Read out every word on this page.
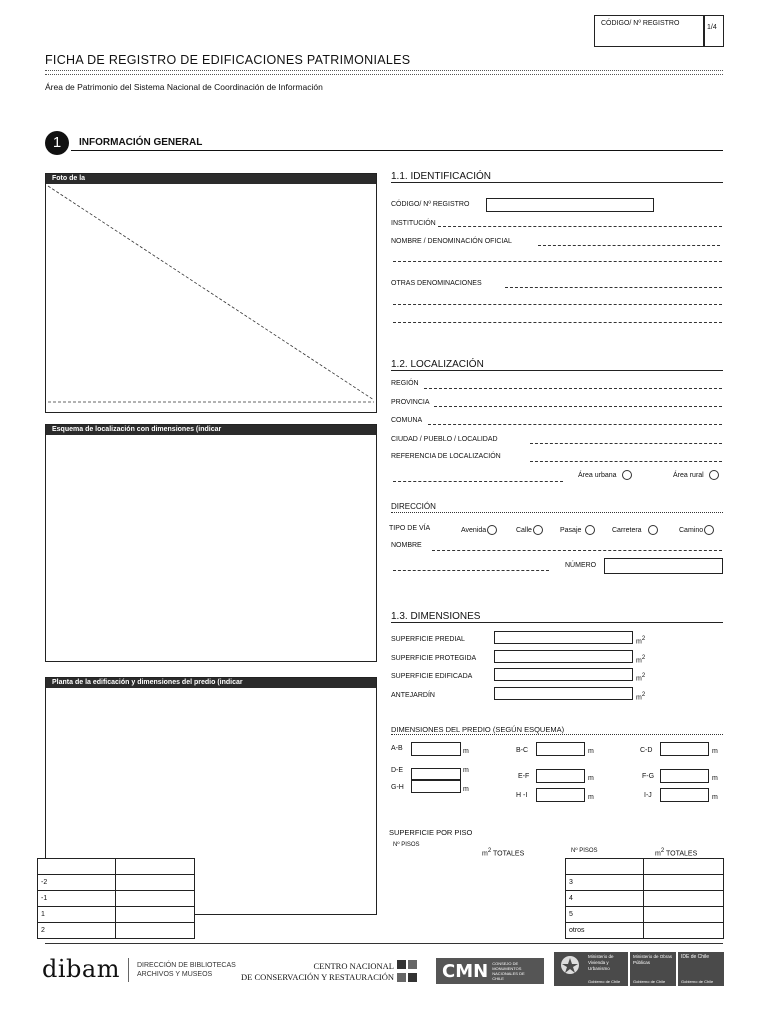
CÓDIGO/ Nº REGISTRO
1/4
FICHA DE REGISTRO DE EDIFICACIONES PATRIMONIALES
Área de Patrimonio del Sistema Nacional de Coordinación de Información
1	INFORMACIÓN GENERAL
Foto de la
Esquema de localización con dimensiones (indicar
Planta de la edificación y dimensiones del predio (indicar

-2	
-1	
1	
2	
1.1. IDENTIFICACIÓN
CÓDIGO/ Nº REGISTRO
INSTITUCIÓN
NOMBRE / DENOMINACIÓN OFICIAL
OTRAS DENOMINACIONES
1.2. LOCALIZACIÓN
REGIÓN
PROVINCIA
COMUNA
CIUDAD / PUEBLO / LOCALIDAD
REFERENCIA DE LOCALIZACIÓN
Área urbana	Área rural
DIRECCIÓN
TIPO DE VÍA	Avenida	Calle	Pasaje	Carretera	Camino
NOMBRE
NÚMERO
1.3. DIMENSIONES
SUPERFICIE PREDIAL	m2
SUPERFICIE PROTEGIDA	m2
SUPERFICIE EDIFICADA	m2
ANTEJARDÍN	m2
DIMENSIONES DEL PREDIO (SEGÚN ESQUEMA)
A-B	m	B-C	m	C-D	m
D-E	m
E-F	m	F-G	m
G-H	m
H -I	m	I-J	m
SUPERFICIE POR PISO
Nº PISOS
m2 TOTALES	Nº PISOS	m2 TOTALES

3	
4	
5	
otros	
dibam DIRECCIÓN DE BIBLIOTECAS
ARCHIVOS Y MUSEOS
CENTRO NACIONAL
DE CONSERVACIÓN Y RESTAURACIÓN	CMN CONSEJO DE MONUMENTOS NACIONALES DE CHILE
Ministerio de Vivienda y Urbanismo
Gobierno de Chile
Ministerio de Obras Públicas
Gobierno de Chile
IDE de Chile
Gobierno de Chile
